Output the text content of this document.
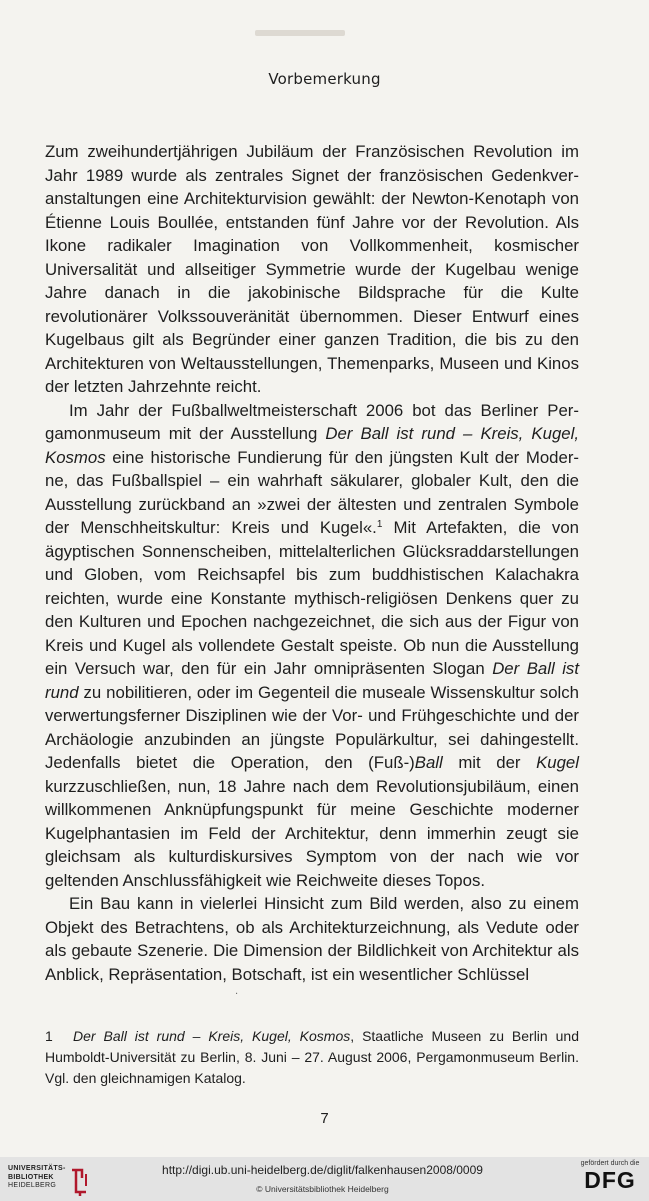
Vorbemerkung

Zum zweihundertjährigen Jubiläum der Französischen Revolution im Jahr 1989 wurde als zentrales Signet der französischen Gedenkveranstaltungen eine Architekturvision gewählt: der Newton-Kenotaph von Étienne Louis Boullée, entstanden fünf Jahre vor der Revolution. Als Ikone radikaler Imagination von Vollkommenheit, kosmischer Universalität und allseitiger Symmetrie wurde der Kugelbau wenige Jahre danach in die jakobinische Bildsprache für die Kulte revolutionärer Volkssouveränität übernommen. Dieser Entwurf eines Kugelbaus gilt als Begründer einer ganzen Tradition, die bis zu den Architekturen von Weltausstellungen, Themenparks, Museen und Kinos der letzten Jahrzehnte reicht.

Im Jahr der Fußballweltmeisterschaft 2006 bot das Berliner Pergamonmuseum mit der Ausstellung Der Ball ist rund – Kreis, Kugel, Kosmos eine historische Fundierung für den jüngsten Kult der Moderne, das Fußballspiel – ein wahrhaft säkularer, globaler Kult, den die Ausstellung zurückband an »zwei der ältesten und zentralen Symbole der Menschheitskultur: Kreis und Kugel«.$^1$ Mit Artefakten, die von ägyptischen Sonnenscheiben, mittelalterlichen Glücksraddarstellungen und Globen, vom Reichsapfel bis zum buddhistischen Kalachakra reichten, wurde eine Konstante mythisch-religiösen Denkens quer zu den Kulturen und Epochen nachgezeichnet, die sich aus der Figur von Kreis und Kugel als vollendete Gestalt speiste. Ob nun die Ausstellung ein Versuch war, den für ein Jahr omnipräsenten Slogan Der Ball ist rund zu nobilitieren, oder im Gegenteil die museale Wissenskultur solch verwertungsferner Disziplinen wie der Vor- und Frühgeschichte und der Archäologie anzubinden an jüngste Populärkultur, sei dahingestellt. Jedenfalls bietet die Operation, den (Fuß-)Ball mit der Kugel kurzzuschließen, nun, 18 Jahre nach dem Revolutionsjubiläum, einen willkommenen Anknüpfungspunkt für meine Geschichte moderner Kugelphantasien im Feld der Architektur, denn immerhin zeugt sie gleichsam als kulturdiskursives Symptom von der nach wie vor geltenden Anschlussfähigkeit wie Reichweite dieses Topos.

Ein Bau kann in vielerlei Hinsicht zum Bild werden, also zu einem Objekt des Betrachtens, ob als Architekturzeichnung, als Vedute oder als gebaute Szenerie. Die Dimension der Bildlichkeit von Architektur als Anblick, Repräsentation, Botschaft, ist ein wesentlicher Schlüssel

·
1 Der Ball ist rund – Kreis, Kugel, Kosmos, Staatliche Museen zu Berlin und Humboldt-Universität zu Berlin, 8. Juni – 27. August 2006, Pergamonmuseum Berlin. Vgl. den gleichnamigen Katalog.
7
UNIVERSITÄTS-
BIBLIOTHEK
HEIDELBERG
http://digi.ub.uni-heidelberg.de/diglit/falkenhausen2008/0009
© Universitätsbibliothek Heidelberg
gefördert durch die
DFG
